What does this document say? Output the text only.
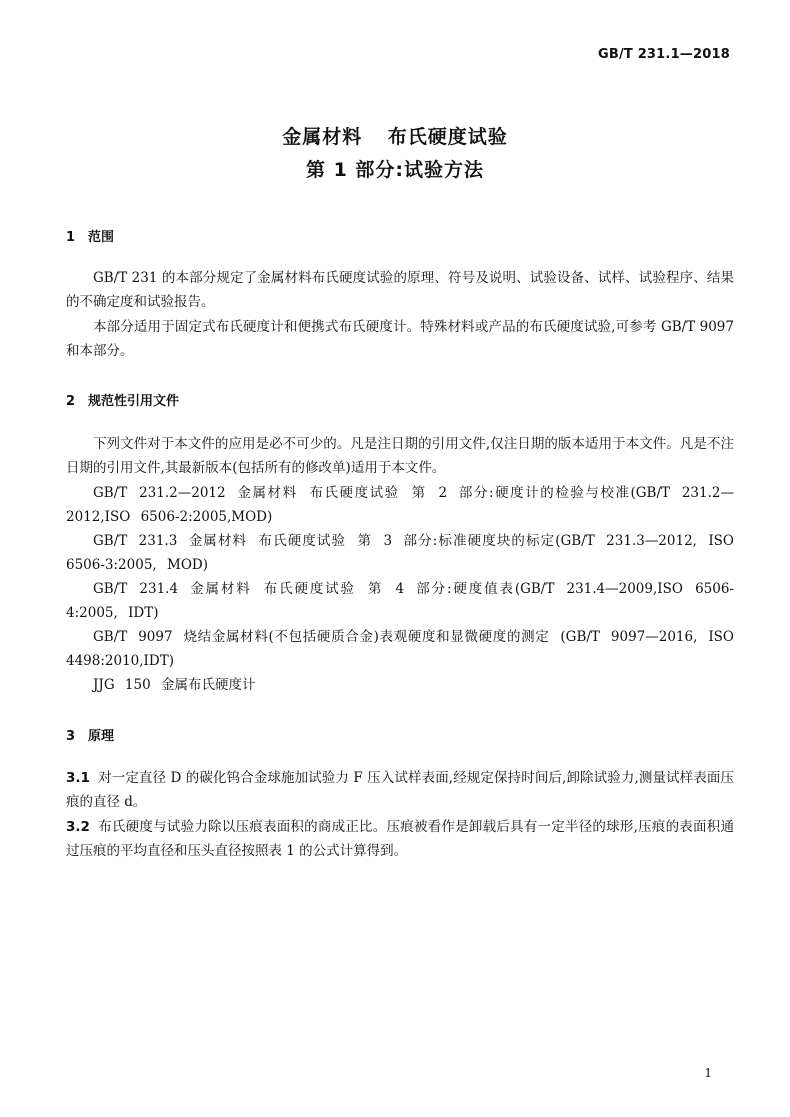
GB/T 231.1—2018
金属材料 布氏硬度试验
第 1 部分:试验方法
1 范围

GB/T 231 的本部分规定了金属材料布氏硬度试验的原理、符号及说明、试验设备、试样、试验程序、结果的不确定度和试验报告。

本部分适用于固定式布氏硬度计和便携式布氏硬度计。特殊材料或产品的布氏硬度试验,可参考 GB/T 9097 和本部分。

2 规范性引用文件

下列文件对于本文件的应用是必不可少的。凡是注日期的引用文件,仅注日期的版本适用于本文件。凡是不注日期的引用文件,其最新版本(包括所有的修改单)适用于本文件。

GB/T 231.2—2012 金属材料 布氏硬度试验 第 2 部分:硬度计的检验与校准(GB/T 231.2—2012,ISO 6506-2:2005,MOD)

GB/T 231.3 金属材料 布氏硬度试验 第 3 部分:标准硬度块的标定(GB/T 231.3—2012, ISO 6506-3:2005, MOD)

GB/T 231.4 金属材料 布氏硬度试验 第 4 部分:硬度值表(GB/T 231.4—2009,ISO 6506-4:2005, IDT)

GB/T 9097 烧结金属材料(不包括硬质合金)表观硬度和显微硬度的测定 (GB/T 9097—2016, ISO 4498:2010,IDT)

JJG 150 金属布氏硬度计

3 原理

3.1 对一定直径 D 的碳化钨合金球施加试验力 F 压入试样表面,经规定保持时间后,卸除试验力,测量试样表面压痕的直径 d。

3.2 布氏硬度与试验力除以压痕表面积的商成正比。压痕被看作是卸载后具有一定半径的球形,压痕的表面积通过压痕的平均直径和压头直径按照表 1 的公式计算得到。

1
